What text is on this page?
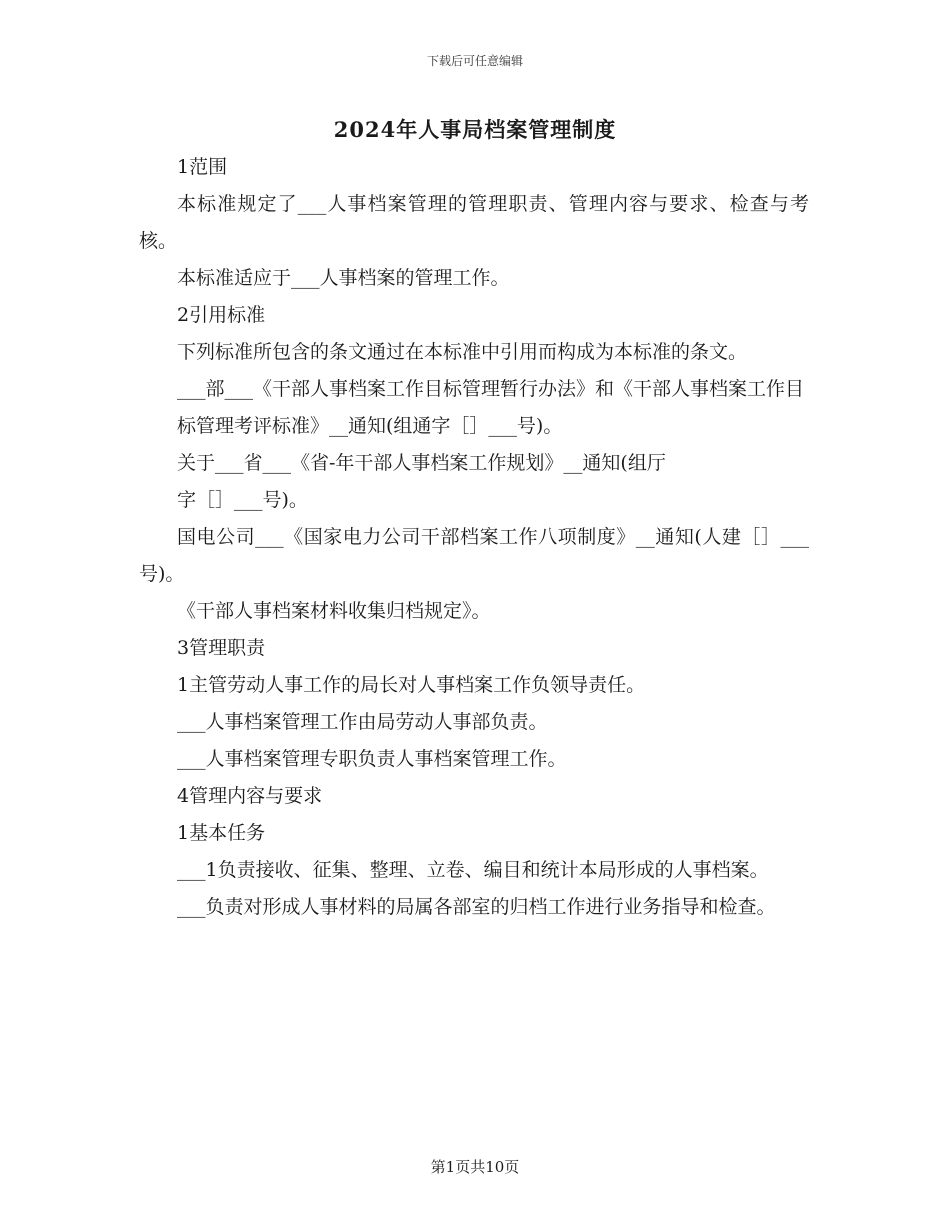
下载后可任意编辑
2024年人事局档案管理制度

1范围

本标准规定了___人事档案管理的管理职责、管理内容与要求、检查与考核。

本标准适应于___人事档案的管理工作。

2引用标准

下列标准所包含的条文通过在本标准中引用而构成为本标准的条文。

___部___《干部人事档案工作目标管理暂行办法》和《干部人事档案工作目

标管理考评标准》__通知(组通字［］___号)。

关于___省___《省-年干部人事档案工作规划》__通知(组厅

字［］___号)。

国电公司___《国家电力公司干部档案工作八项制度》__通知(人建［］___号)。

《干部人事档案材料收集归档规定》。

3管理职责

1主管劳动人事工作的局长对人事档案工作负领导责任。

___人事档案管理工作由局劳动人事部负责。

___人事档案管理专职负责人事档案管理工作。

4管理内容与要求

1基本任务

___1负责接收、征集、整理、立卷、编目和统计本局形成的人事档案。

___负责对形成人事材料的局属各部室的归档工作进行业务指导和检查。

第1页共10页
